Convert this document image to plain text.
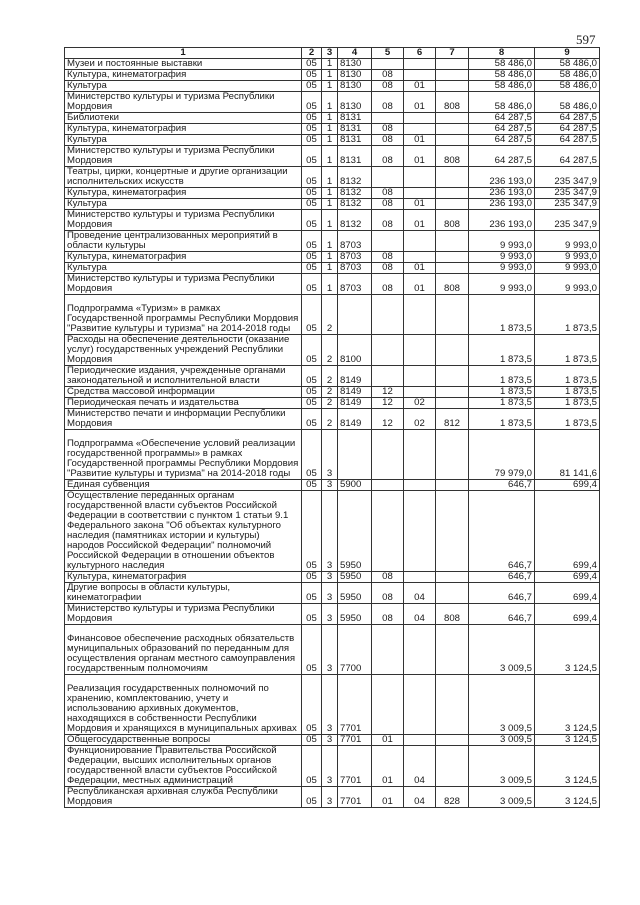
597
1	2	3	4	5	6	7	8	9
Музеи и постоянные выставки	05	1	8130				58 486,0	58 486,0
Культура, кинематография	05	1	8130	08			58 486,0	58 486,0
Культура	05	1	8130	08	01		58 486,0	58 486,0
Министерство культуры и туризма Республики Мордовия	05	1	8130	08	01	808	58 486,0	58 486,0
Библиотеки	05	1	8131				64 287,5	64 287,5
Культура, кинематография	05	1	8131	08			64 287,5	64 287,5
Культура	05	1	8131	08	01		64 287,5	64 287,5
Министерство культуры и туризма Республики Мордовия	05	1	8131	08	01	808	64 287,5	64 287,5
Театры, цирки, концертные и другие организации исполнительских искусств	05	1	8132				236 193,0	235 347,9
Культура, кинематография	05	1	8132	08			236 193,0	235 347,9
Культура	05	1	8132	08	01		236 193,0	235 347,9
Министерство культуры и туризма Республики Мордовия	05	1	8132	08	01	808	236 193,0	235 347,9
Проведение централизованных мероприятий в области культуры	05	1	8703				9 993,0	9 993,0
Культура, кинематография	05	1	8703	08			9 993,0	9 993,0
Культура	05	1	8703	08	01		9 993,0	9 993,0
Министерство культуры и туризма Республики Мордовия	05	1	8703	08	01	808	9 993,0	9 993,0
Подпрограмма «Туризм» в рамках Государственной программы Республики Мордовия "Развитие культуры и туризма" на 2014-2018 годы	05	2					1 873,5	1 873,5
Расходы на обеспечение деятельности (оказание услуг) государственных учреждений Республики Мордовия	05	2	8100				1 873,5	1 873,5
Периодические издания, учрежденные органами законодательной и исполнительной власти	05	2	8149				1 873,5	1 873,5
Средства массовой информации	05	2	8149	12			1 873,5	1 873,5
Периодическая печать и издательства	05	2	8149	12	02		1 873,5	1 873,5
Министерство печати и информации Республики Мордовия	05	2	8149	12	02	812	1 873,5	1 873,5
Подпрограмма «Обеспечение условий реализации государственной программы» в рамках Государственной программы Республики Мордовия "Развитие культуры и туризма" на 2014-2018 годы	05	3					79 979,0	81 141,6
Единая субвенция	05	3	5900				646,7	699,4
Осуществление переданных органам государственной власти субъектов Российской Федерации в соответствии с пунктом 1 статьи 9.1 Федерального закона "Об объектах культурного наследия (памятниках истории и культуры) народов Российской Федерации" полномочий Российской Федерации в отношении объектов культурного наследия	05	3	5950				646,7	699,4
Культура, кинематография	05	3	5950	08			646,7	699,4
Другие вопросы в области культуры, кинематографии	05	3	5950	08	04		646,7	699,4
Министерство культуры и туризма Республики Мордовия	05	3	5950	08	04	808	646,7	699,4
Финансовое обеспечение расходных обязательств муниципальных образований по переданным для осуществления органам местного самоуправления государственным полномочиям	05	3	7700				3 009,5	3 124,5
Реализация государственных полномочий по хранению, комплектованию, учету и использованию архивных документов, находящихся в собственности Республики Мордовия и хранящихся в муниципальных архивах	05	3	7701				3 009,5	3 124,5
Общегосударственные вопросы	05	3	7701	01			3 009,5	3 124,5
Функционирование Правительства Российской Федерации, высших исполнительных органов государственной власти субъектов Российской Федерации, местных администраций	05	3	7701	01	04		3 009,5	3 124,5
Республиканская архивная служба Республики Мордовия	05	3	7701	01	04	828	3 009,5	3 124,5
